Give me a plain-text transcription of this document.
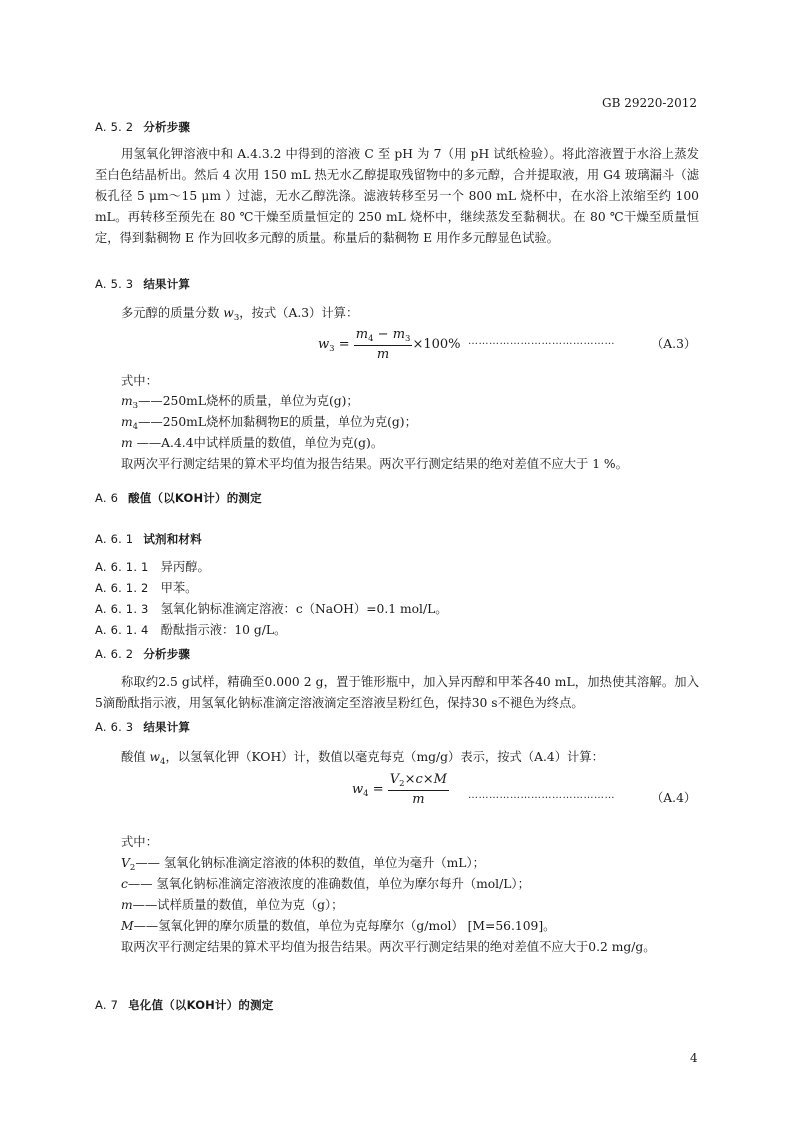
GB 29220-2012
A. 5. 2 分析步骤
用氢氧化钾溶液中和 A.4.3.2 中得到的溶液 C 至 pH 为 7（用 pH 试纸检验）。将此溶液置于水浴上蒸发至白色结晶析出。然后 4 次用 150 mL 热无水乙醇提取残留物中的多元醇，合并提取液，用 G4 玻璃漏斗（滤板孔径 5 μm～15 μm ）过滤，无水乙醇洗涤。滤液转移至另一个 800 mL 烧杯中，在水浴上浓缩至约 100 mL。再转移至预先在 80 ℃干燥至质量恒定的 250 mL 烧杯中，继续蒸发至黏稠状。在 80 ℃干燥至质量恒定，得到黏稠物 E 作为回收多元醇的质量。称量后的黏稠物 E 用作多元醇显色试验。
A. 5. 3 结果计算
多元醇的质量分数 $w_3$，按式（A.3）计算：
$w_3 = \frac{m_4 - m_3}{m} \times 100\%$ ……………………………………	（A.3）
式中：
$m_3——250mL$烧杯的质量，单位为克(g)；
$m_4——250mL$烧杯加黏稠物E的质量，单位为克(g)；
m ——A.4.4中试样质量的数值，单位为克(g)。
取两次平行测定结果的算术平均值为报告结果。两次平行测定结果的绝对差值不应大于 1 %。
A. 6 酸值（以KOH计）的测定
A. 6. 1 试剂和材料
A. 6. 1. 1 异丙醇。
A. 6. 1. 2 甲苯。
A. 6. 1. 3 氢氧化钠标准滴定溶液：c（NaOH）=0.1 mol/L。
A. 6. 1. 4 酚酞指示液：10 g/L。
A. 6. 2 分析步骤
称取约2.5 g试样，精确至0.000 2 g，置于锥形瓶中，加入异丙醇和甲苯各40 mL，加热使其溶解。加入5滴酚酞指示液，用氢氧化钠标准滴定溶液滴定至溶液呈粉红色，保持30 s不褪色为终点。
A. 6. 3 结果计算
酸值 $w_4$，以氢氧化钾（KOH）计，数值以毫克每克（mg/g）表示，按式（A.4）计算：
$w_4 = \frac{V_2\times c\times M}{m}$ ……………………………………	（A.4）
式中：
$V_2——$ 氢氧化钠标准滴定溶液的体积的数值，单位为毫升（mL）；
c—— 氢氧化钠标准滴定溶液浓度的准确数值，单位为摩尔每升（mol/L）；
m——试样质量的数值，单位为克（g）；
M——氢氧化钾的摩尔质量的数值，单位为克每摩尔（g/mol） [M=56.109]。
取两次平行测定结果的算术平均值为报告结果。两次平行测定结果的绝对差值不应大于0.2 mg/g。
A. 7 皂化值（以KOH计）的测定
4
